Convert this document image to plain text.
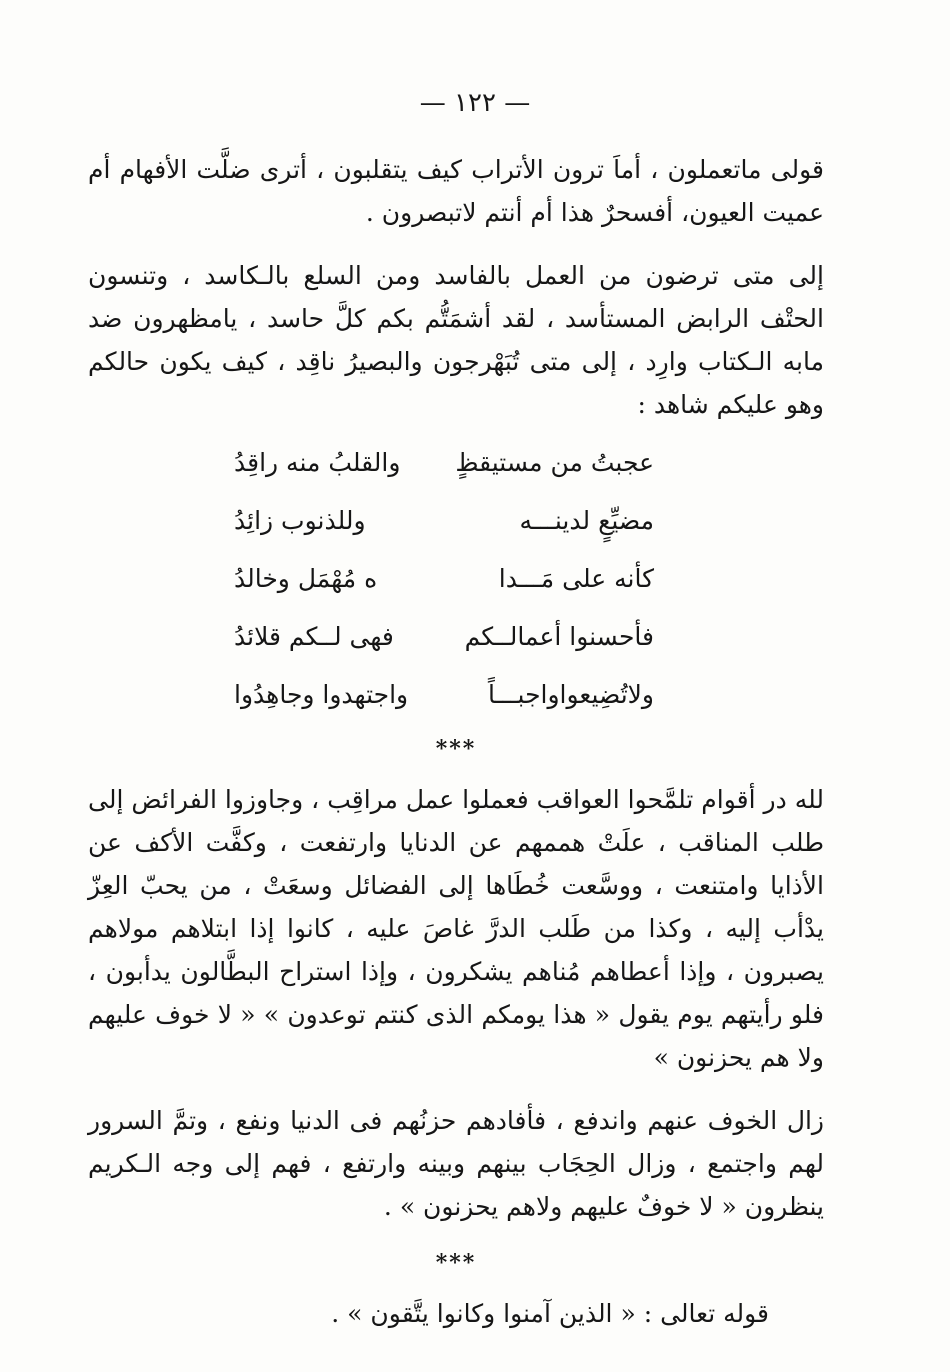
— ١٢٢ —

قولى ماتعملون ، أماَ ترون الأتراب كيف يتقلبون ، أترى ضلَّت الأفهام أم عميت العيون، أفسحرٌ هذا أم أنتم لاتبصرون .

إلى متى ترضون من العمل بالفاسد ومن السلع بالـكاسد ، وتنسون الحتْف الرابض المستأسد ، لقد أشمَتُّم بكم كلَّ حاسد ، يامظهرون ضد مابه الـكتاب وارِد ، إلى متى تُبَهْرجون والبصيرُ ناقِد ، كيف يكون حالكم وهو عليكم شاهد :

عجبتُ من مستيقظٍ
والقلبُ منه راقِدُ
مضيِّعٍ لدينـــه
وللذنوب زائِدُ
كأنه على مَـــدا
ه مُهْمَل وخالدُ
فأحسنوا أعمالــكم
فهى لــكم قلائدُ
ولاتُضِيعواواجبـــاً
واجتهدوا وجاهِدُوا
***

لله در أقوام تلمَّحوا العواقب فعملوا عمل مراقِب ، وجاوزوا الفرائض إلى طلب المناقب ، علَتْ هممهم عن الدنايا وارتفعت ، وكفَّت الأكف عن الأذايا وامتنعت ، ووسَّعت خُطَاها إلى الفضائل وسعَتْ ، من يحبّ العِزّ يدْأب إليه ، وكذا من طَلب الدرَّ غاصَ عليه ، كانوا إذا ابتلاهم مولاهم يصبرون ، وإذا أعطاهم مُناهم يشكرون ، وإذا استراح البطَّالون يدأبون ، فلو رأيتهم يوم يقول « هذا يومكم الذى كنتم توعدون » « لا خوف عليهم ولا هم يحزنون »

زال الخوف عنهم واندفع ، فأفادهم حزنُهم فى الدنيا ونفع ، وتمَّ السرور لهم واجتمع ، وزال الحِجَاب بينهم وبينه وارتفع ، فهم إلى وجه الـكريم ينظرون « لا خوفٌ عليهم ولاهم يحزنون » .

***
قوله تعالى : « الذين آمنوا وكانوا يتَّقون » .
